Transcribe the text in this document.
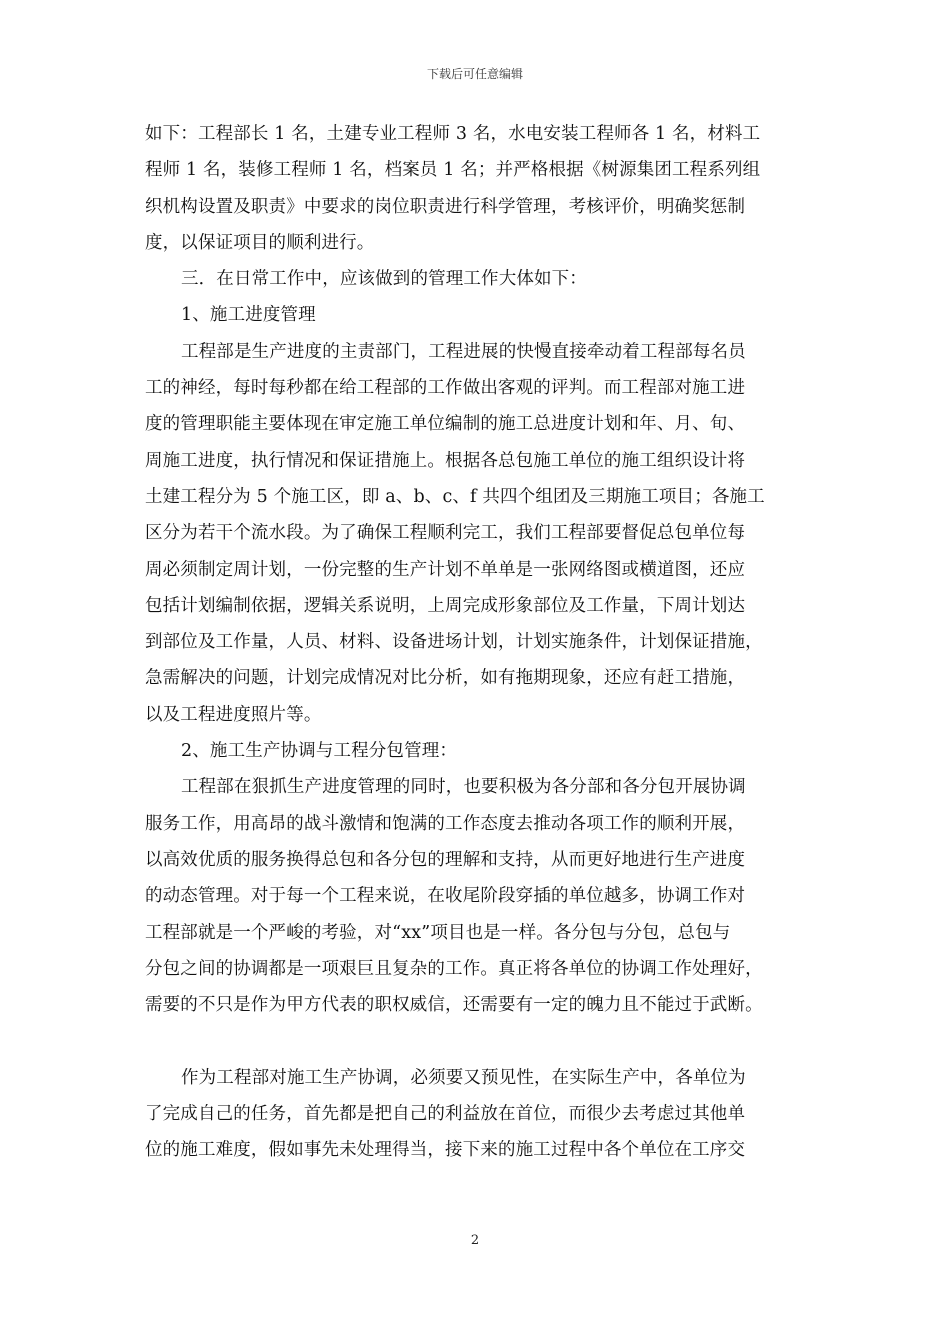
下载后可任意编辑
如下：工程部长 1 名，土建专业工程师 3 名，水电安装工程师各 1 名，材料工
程师 1 名，装修工程师 1 名，档案员 1 名；并严格根据《树源集团工程系列组
织机构设置及职责》中要求的岗位职责进行科学管理，考核评价，明确奖惩制
度，以保证项目的顺利进行。
三．在日常工作中，应该做到的管理工作大体如下：
1、施工进度管理
工程部是生产进度的主责部门，工程进展的快慢直接牵动着工程部每名员
工的神经，每时每秒都在给工程部的工作做出客观的评判。而工程部对施工进
度的管理职能主要体现在审定施工单位编制的施工总进度计划和年、月、旬、
周施工进度，执行情况和保证措施上。根据各总包施工单位的施工组织设计将
土建工程分为 5 个施工区，即 a、b、c、f 共四个组团及三期施工项目；各施工
区分为若干个流水段。为了确保工程顺利完工，我们工程部要督促总包单位每
周必须制定周计划，一份完整的生产计划不单单是一张网络图或横道图，还应
包括计划编制依据，逻辑关系说明，上周完成形象部位及工作量，下周计划达
到部位及工作量，人员、材料、设备进场计划，计划实施条件，计划保证措施，
急需解决的问题，计划完成情况对比分析，如有拖期现象，还应有赶工措施，
以及工程进度照片等。
2、施工生产协调与工程分包管理：
工程部在狠抓生产进度管理的同时，也要积极为各分部和各分包开展协调
服务工作，用高昂的战斗激情和饱满的工作态度去推动各项工作的顺利开展，
以高效优质的服务换得总包和各分包的理解和支持，从而更好地进行生产进度
的动态管理。对于每一个工程来说，在收尾阶段穿插的单位越多，协调工作对
工程部就是一个严峻的考验，对“xx”项目也是一样。各分包与分包，总包与
分包之间的协调都是一项艰巨且复杂的工作。真正将各单位的协调工作处理好，
需要的不只是作为甲方代表的职权威信，还需要有一定的魄力且不能过于武断。
作为工程部对施工生产协调，必须要又预见性，在实际生产中，各单位为
了完成自己的任务，首先都是把自己的利益放在首位，而很少去考虑过其他单
位的施工难度，假如事先未处理得当，接下来的施工过程中各个单位在工序交
2
